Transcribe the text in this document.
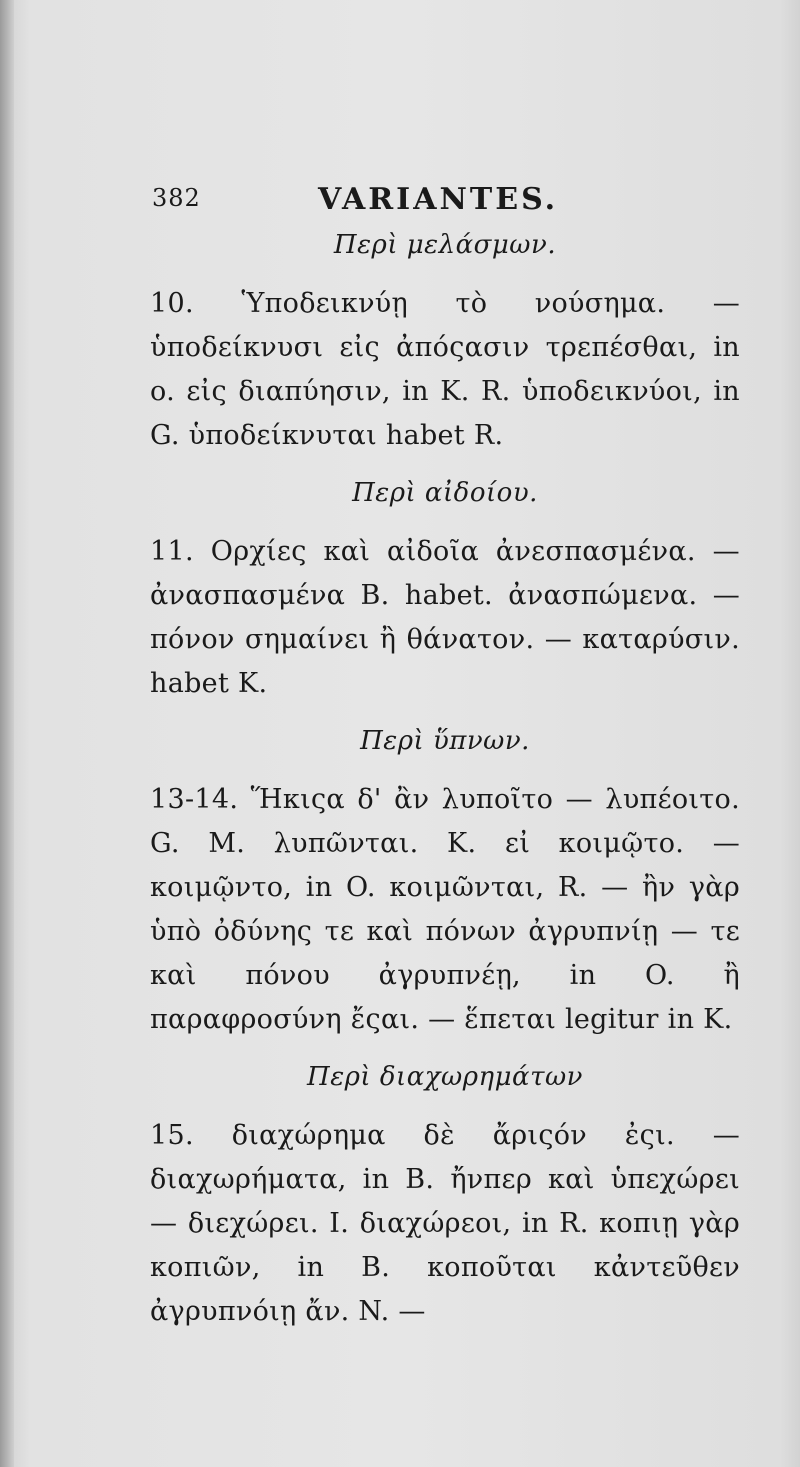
382	VARIANTES.
Περὶ μελάσμων.

10. Ὑποδεικνύῃ τὸ νούσημα. — ὑποδείκνυσι εἰς ἀπόςασιν τρεπέσθαι, in o. εἰς διαπύησιν, in K. R. ὑποδεικνύοι, in G. ὑποδείκνυται habet R.

Περὶ αἰδοίου.

11. Ορχίες καὶ αἰδοῖα ἀνεσπασμένα. — ἀνασπασμένα B. habet. ἀνασπώμενα. — πόνον σημαίνει ἢ θάνατον. — καταρύσιν. habet K.

Περὶ ὕπνων.

13-14. Ἥκιςα δ' ἂν λυποῖτο — λυπέοιτο. G. M. λυπῶνται. K. εἰ κοιμῷτο. — κοιμῷντο, in O. κοιμῶνται, R. — ἢν γὰρ ὑπὸ ὀδύνης τε καὶ πόνων ἀγρυπνίῃ — τε καὶ πόνου ἀγρυπνέῃ, in O. ἢ παραφροσύνη ἔςαι. — ἕπεται legitur in K.

Περὶ διαχωρημάτων

15. διαχώρημα δὲ ἄριςόν ἐςι. — διαχωρήματα, in B. ἤνπερ καὶ ὑπεχώρει — διεχώρει. I. διαχώρεοι, in R. κοπιῃ γὰρ κοπιῶν, in B. κοποῦται κἀντεῦθεν ἀγρυπνόιῃ ἄν. N. —
